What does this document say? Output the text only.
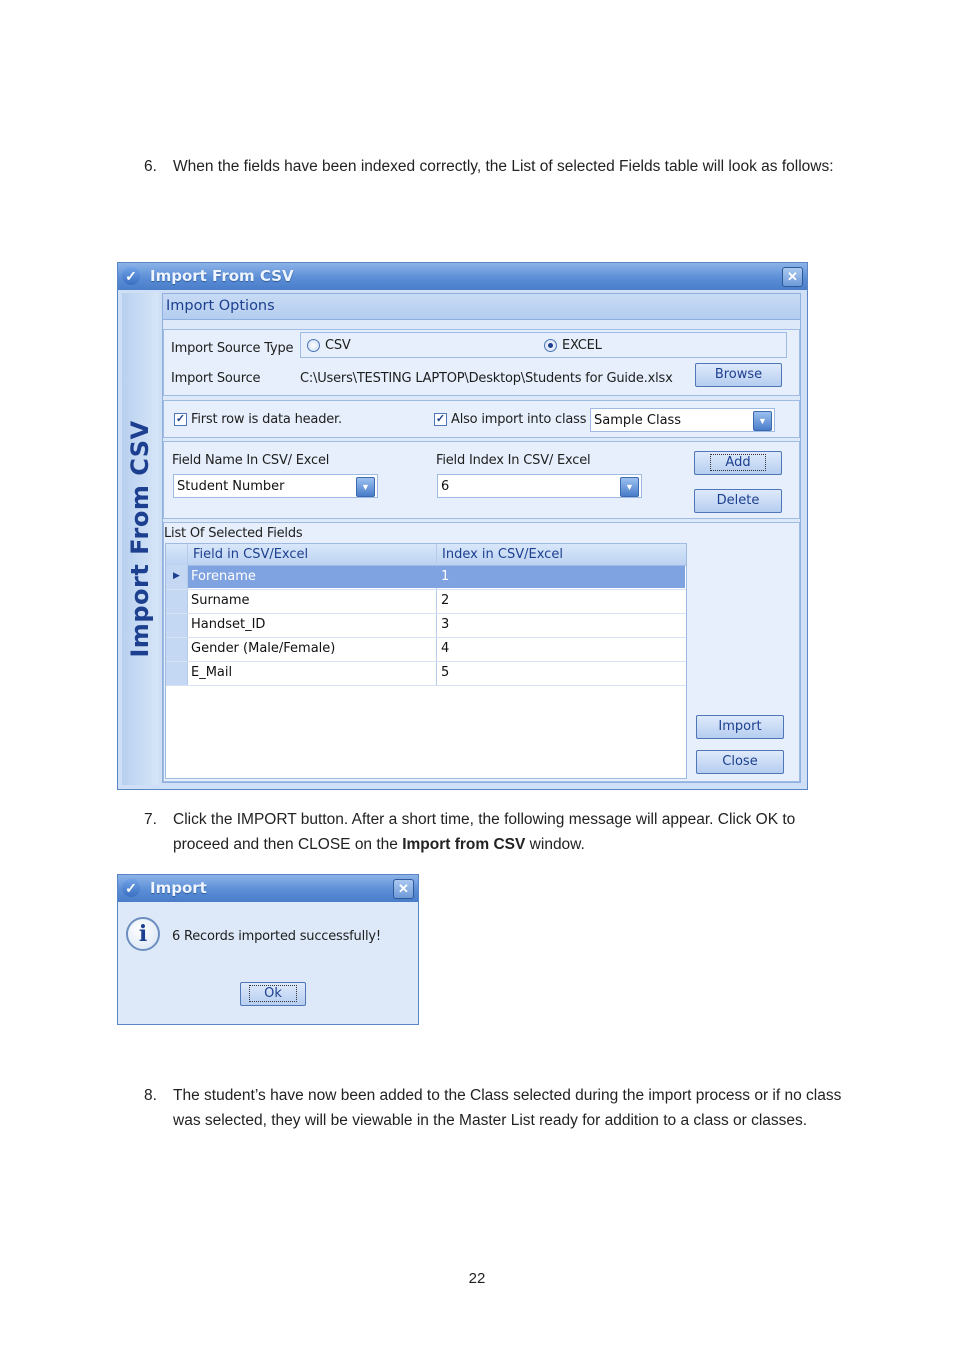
6. When the fields have been indexed correctly, the List of selected Fields table will look as follows:
✓ Import From CSV	✕
Import From CSV
Import Options
Import Source Type CSV	EXCEL
Import Source	C:\Users\TESTING LAPTOP\Desktop\Students for Guide.xlsx	Browse
✓ First row is data header.	✓ Also import into class Sample Class	▼
Field Name In CSV/ Excel	Field Index In CSV/ Excel
Student Number	▼	6	▼
Add
Delete
List Of Selected Fields
Field in CSV/Excel	Index in CSV/Excel
▶ Forename	1
Surname	2
Handset_ID	3
Gender (Male/Female)	4
E_Mail	5
Import
Close
7. Click the IMPORT button. After a short time, the following message will appear. Click OK to proceed and then CLOSE on the Import from CSV window.
✓ Import	✕
i	6 Records imported successfully!
Ok
8. The student’s have now been added to the Class selected during the import process or if no class was selected, they will be viewable in the Master List ready for addition to a class or classes.
22
